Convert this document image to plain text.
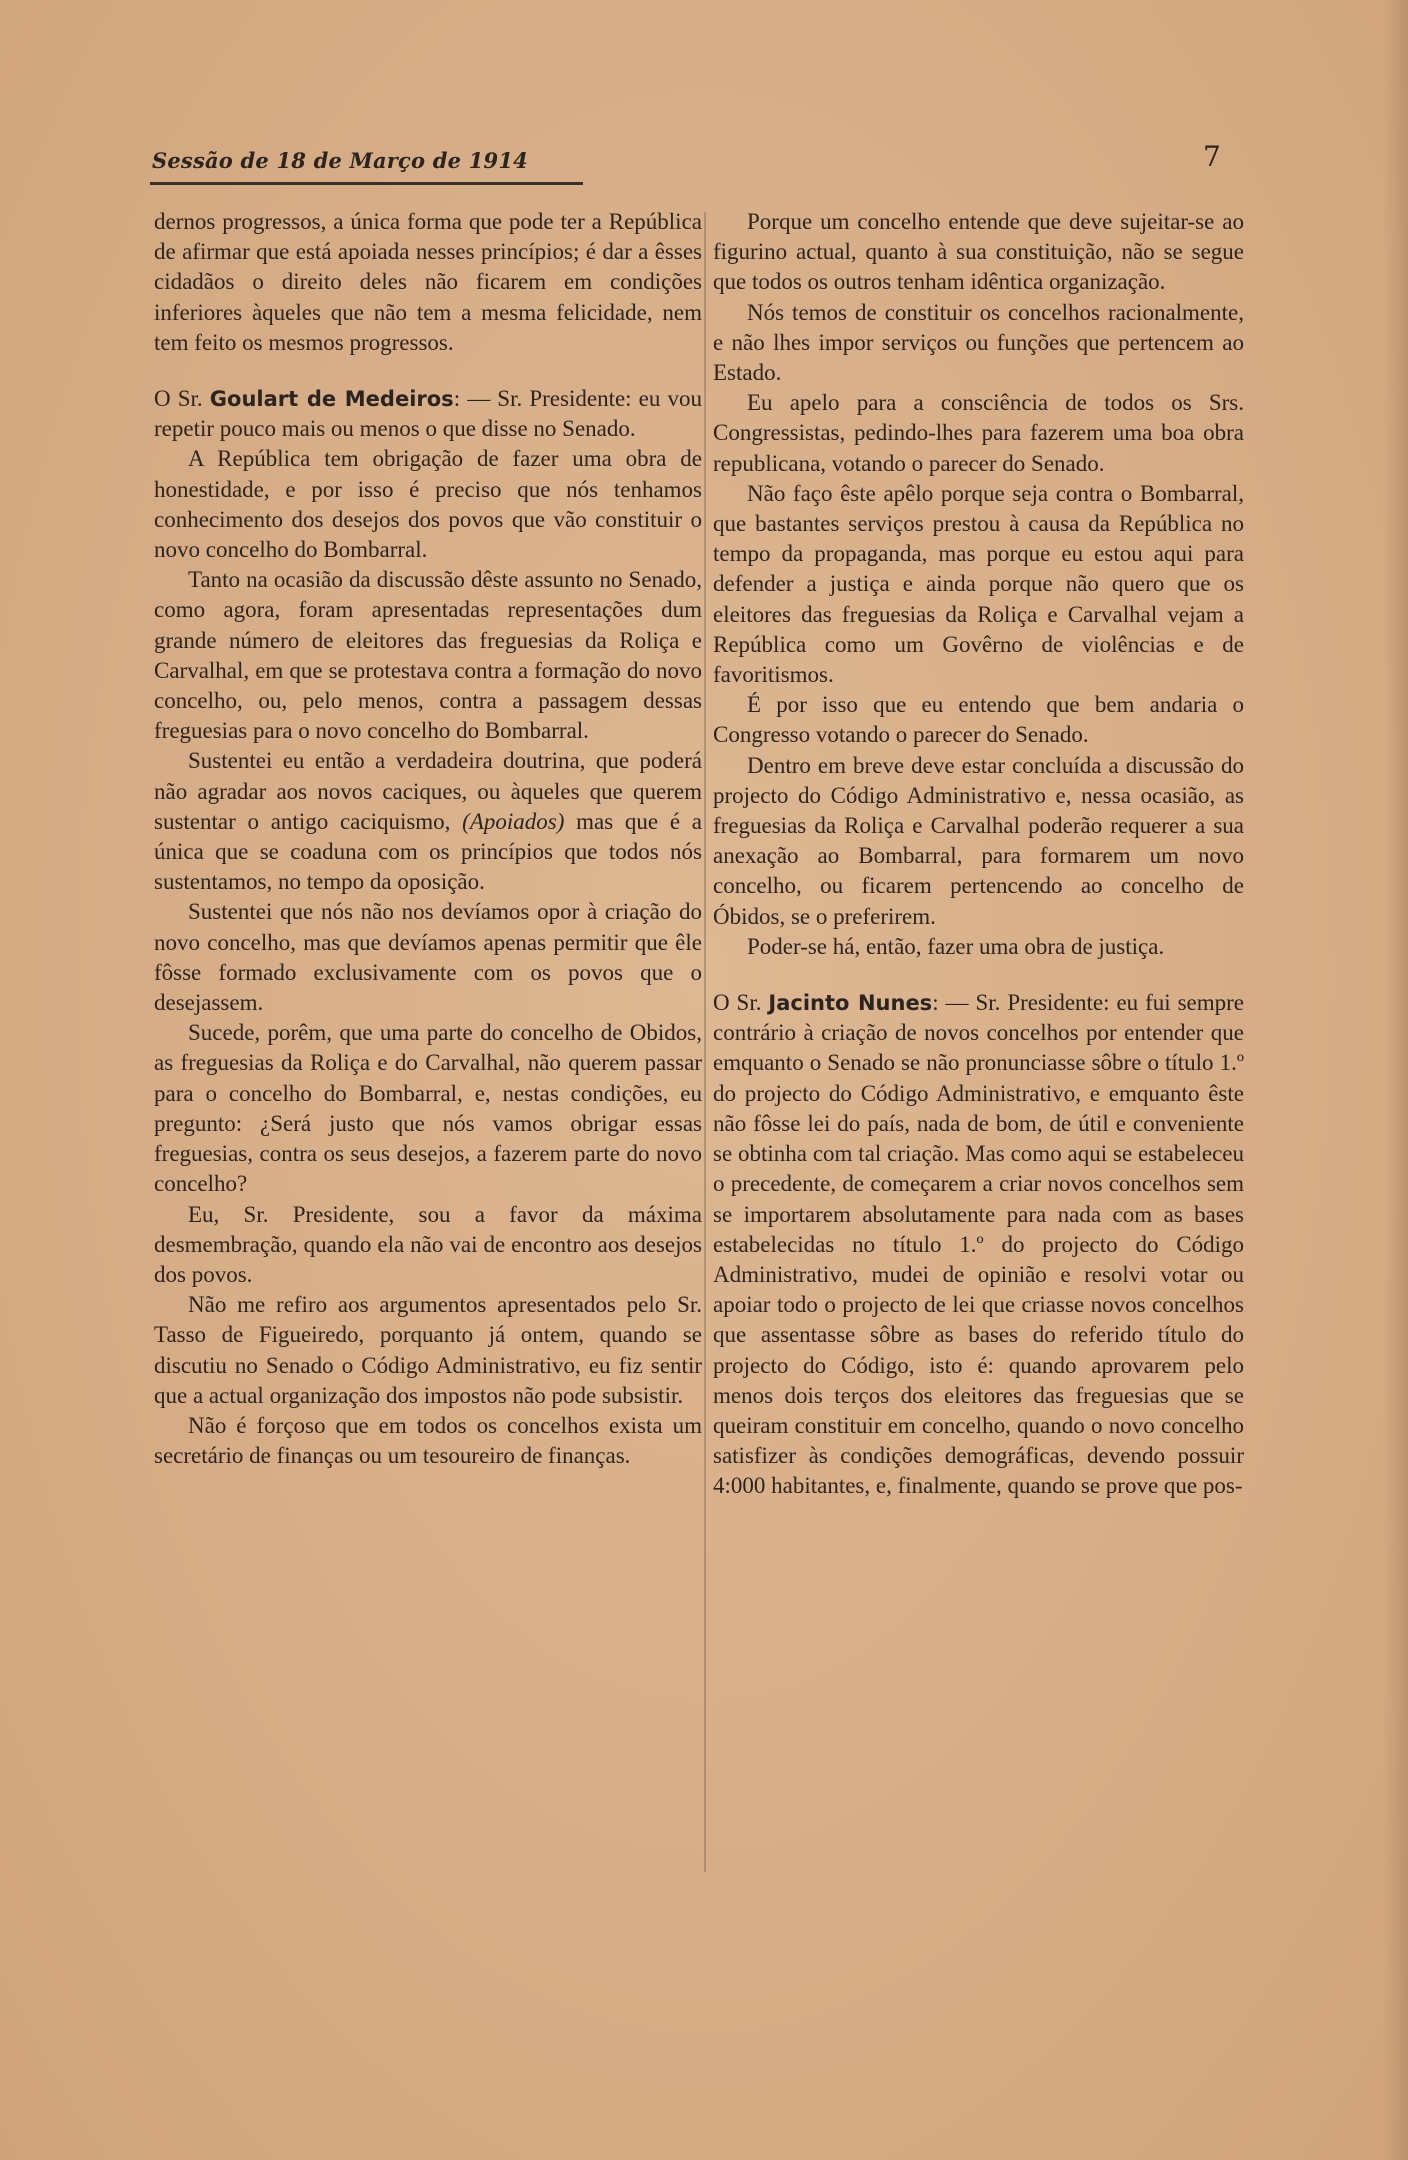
Sessão de 18 de Março de 1914	7

dernos progressos, a única forma que pode ter a República de afirmar que está apoiada nesses princípios; é dar a êsses cidadãos o direito deles não ficarem em condições inferiores àqueles que não tem a mesma felicidade, nem tem feito os mesmos progressos.

O Sr. Goulart de Medeiros: — Sr. Presidente: eu vou repetir pouco mais ou menos o que disse no Senado.

A República tem obrigação de fazer uma obra de honestidade, e por isso é preciso que nós tenhamos conhecimento dos desejos dos povos que vão constituir o novo concelho do Bombarral.

Tanto na ocasião da discussão dêste assunto no Senado, como agora, foram apresentadas representações dum grande número de eleitores das freguesias da Roliça e Carvalhal, em que se protestava contra a formação do novo concelho, ou, pelo menos, contra a passagem dessas freguesias para o novo concelho do Bombarral.

Sustentei eu então a verdadeira doutrina, que poderá não agradar aos novos caciques, ou àqueles que querem sustentar o antigo caciquismo, (Apoiados) mas que é a única que se coaduna com os princípios que todos nós sustentamos, no tempo da oposição.

Sustentei que nós não nos devíamos opor à criação do novo concelho, mas que devíamos apenas permitir que êle fôsse formado exclusivamente com os povos que o desejassem.

Sucede, porêm, que uma parte do concelho de Obidos, as freguesias da Roliça e do Carvalhal, não querem passar para o concelho do Bombarral, e, nestas condições, eu pregunto: ¿Será justo que nós vamos obrigar essas freguesias, contra os seus desejos, a fazerem parte do novo concelho?

Eu, Sr. Presidente, sou a favor da máxima desmembração, quando ela não vai de encontro aos desejos dos povos.

Não me refiro aos argumentos apresentados pelo Sr. Tasso de Figueiredo, porquanto já ontem, quando se discutiu no Senado o Código Administrativo, eu fiz sentir que a actual organização dos impostos não pode subsistir.

Não é forçoso que em todos os concelhos exista um secretário de finanças ou um tesoureiro de finanças.

Porque um concelho entende que deve sujeitar-se ao figurino actual, quanto à sua constituição, não se segue que todos os outros tenham idêntica organização.

Nós temos de constituir os concelhos racionalmente, e não lhes impor serviços ou funções que pertencem ao Estado.

Eu apelo para a consciência de todos os Srs. Congressistas, pedindo-lhes para fazerem uma boa obra republicana, votando o parecer do Senado.

Não faço êste apêlo porque seja contra o Bombarral, que bastantes serviços prestou à causa da República no tempo da propaganda, mas porque eu estou aqui para defender a justiça e ainda porque não quero que os eleitores das freguesias da Roliça e Carvalhal vejam a República como um Govêrno de violências e de favoritismos.

É por isso que eu entendo que bem andaria o Congresso votando o parecer do Senado.

Dentro em breve deve estar concluída a discussão do projecto do Código Administrativo e, nessa ocasião, as freguesias da Roliça e Carvalhal poderão requerer a sua anexação ao Bombarral, para formarem um novo concelho, ou ficarem pertencendo ao concelho de Óbidos, se o preferirem.

Poder-se há, então, fazer uma obra de justiça.

O Sr. Jacinto Nunes: — Sr. Presidente: eu fui sempre contrário à criação de novos concelhos por entender que emquanto o Senado se não pronunciasse sôbre o título 1.º do projecto do Código Administrativo, e emquanto êste não fôsse lei do país, nada de bom, de útil e conveniente se obtinha com tal criação. Mas como aqui se estabeleceu o precedente, de começarem a criar novos concelhos sem se importarem absolutamente para nada com as bases estabelecidas no título 1.º do projecto do Código Administrativo, mudei de opinião e resolvi votar ou apoiar todo o projecto de lei que criasse novos concelhos que assentasse sôbre as bases do referido título do projecto do Código, isto é: quando aprovarem pelo menos dois terços dos eleitores das freguesias que se queiram constituir em concelho, quando o novo concelho satisfizer às condições demográficas, devendo possuir 4:000 habitantes, e, finalmente, quando se prove que pos-
